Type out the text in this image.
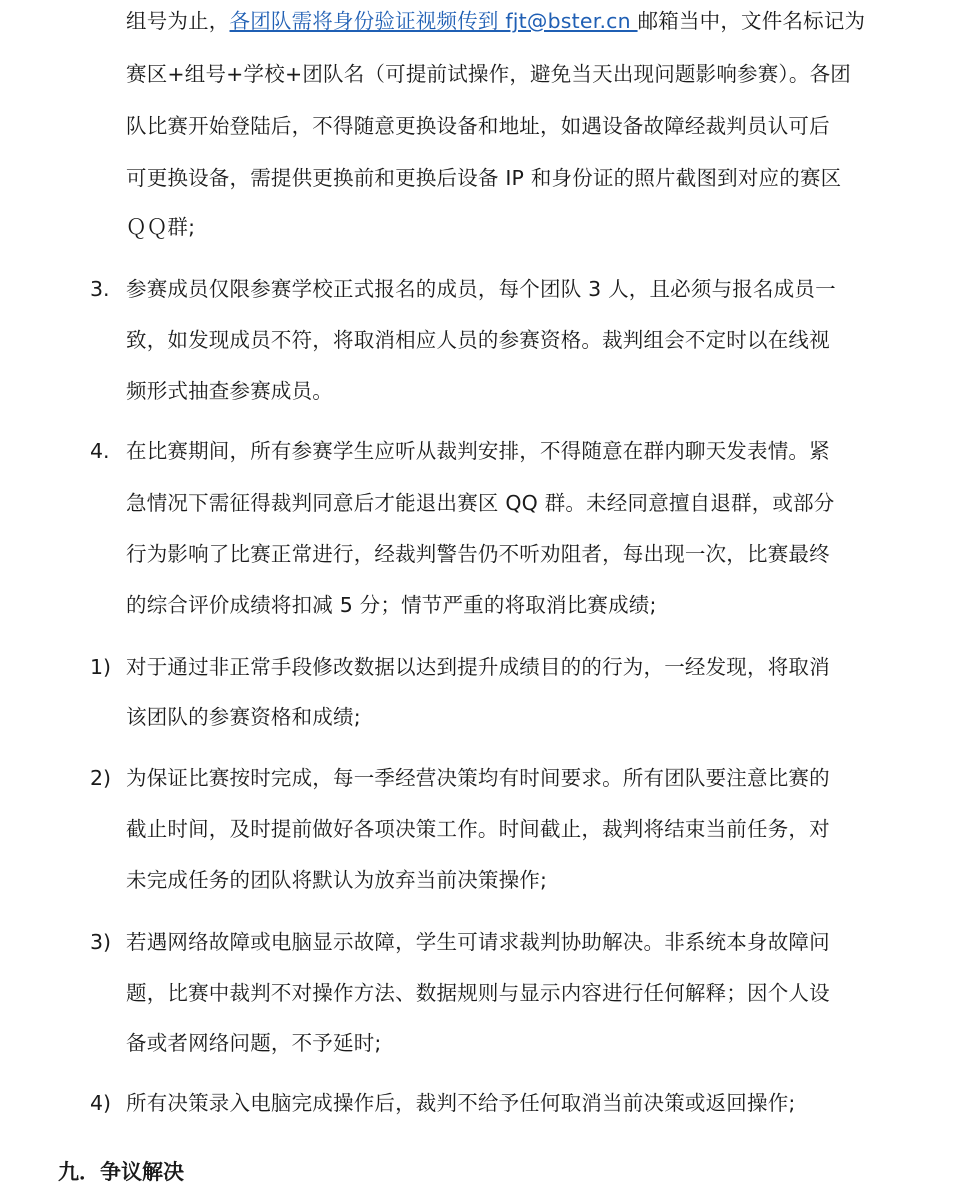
组号为止，各团队需将身份验证视频传到 fjt@bster.cn 邮箱当中，文件名标记为
赛区+组号+学校+团队名（可提前试操作，避免当天出现问题影响参赛）。各团
队比赛开始登陆后，不得随意更换设备和地址，如遇设备故障经裁判员认可后
可更换设备，需提供更换前和更换后设备 IP 和身份证的照片截图到对应的赛区
ＱＱ群;
3. 参赛成员仅限参赛学校正式报名的成员，每个团队 3 人，且必须与报名成员一
致，如发现成员不符，将取消相应人员的参赛资格。裁判组会不定时以在线视
频形式抽查参赛成员。
4. 在比赛期间，所有参赛学生应听从裁判安排，不得随意在群内聊天发表情。紧
急情况下需征得裁判同意后才能退出赛区 QQ 群。未经同意擅自退群，或部分
行为影响了比赛正常进行，经裁判警告仍不听劝阻者，每出现一次，比赛最终
的综合评价成绩将扣减 5 分；情节严重的将取消比赛成绩;
1) 对于通过非正常手段修改数据以达到提升成绩目的的行为，一经发现，将取消
该团队的参赛资格和成绩;
2) 为保证比赛按时完成，每一季经营决策均有时间要求。所有团队要注意比赛的
截止时间，及时提前做好各项决策工作。时间截止，裁判将结束当前任务，对
未完成任务的团队将默认为放弃当前决策操作;
3) 若遇网络故障或电脑显示故障，学生可请求裁判协助解决。非系统本身故障问
题，比赛中裁判不对操作方法、数据规则与显示内容进行任何解释；因个人设
备或者网络问题，不予延时;
4) 所有决策录入电脑完成操作后，裁判不给予任何取消当前决策或返回操作;
九．争议解决
